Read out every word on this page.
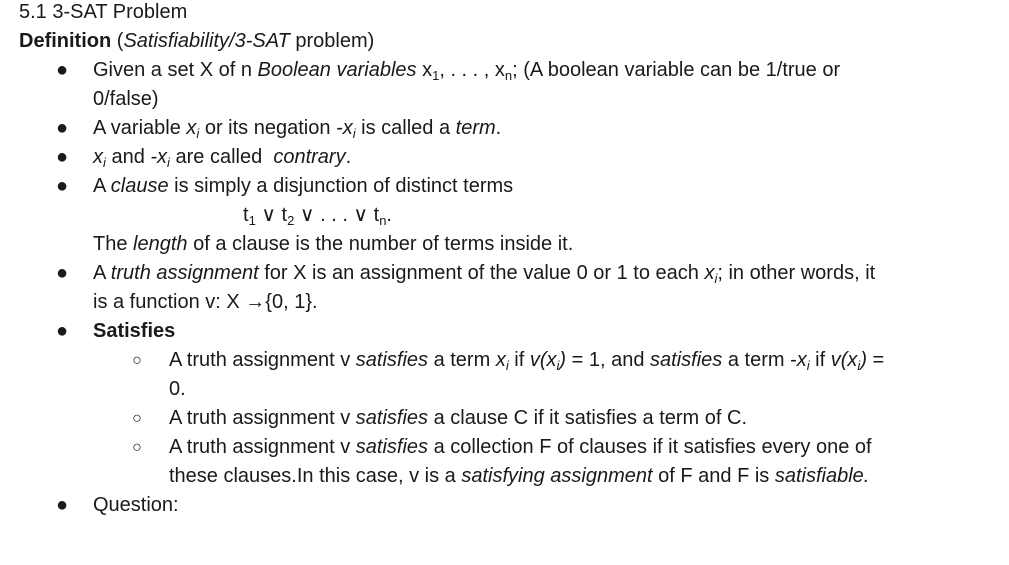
5.1 3-SAT Problem
Definition (Satisfiability/3-SAT problem)
● Given a set X of n Boolean variables $x_1$, . . . , $x_n$; (A boolean variable can be 1/true or
0/false)
● A variable $x_i$ or its negation $-x_i$ is called a term.
● $x_i$ and $-x_i$ are called  contrary.
● A clause is simply a disjunction of distinct terms
$t_1$ ∨ $t_2$ ∨ . . . ∨ $t_n$.
The length of a clause is the number of terms inside it.
● A truth assignment for X is an assignment of the value 0 or 1 to each $x_i$; in other words, it
is a function v: X →{0, 1}.
● Satisfies
○ A truth assignment v satisfies a term $x_i$ if $v(x_i) = 1$, and satisfies a term $-x_i$ if $v(x_i)$ =
0.
○ A truth assignment v satisfies a clause C if it satisfies a term of C.
○ A truth assignment v satisfies a collection F of clauses if it satisfies every one of
these clauses.In this case, v is a satisfying assignment of F and F is satisfiable.
● Question:
